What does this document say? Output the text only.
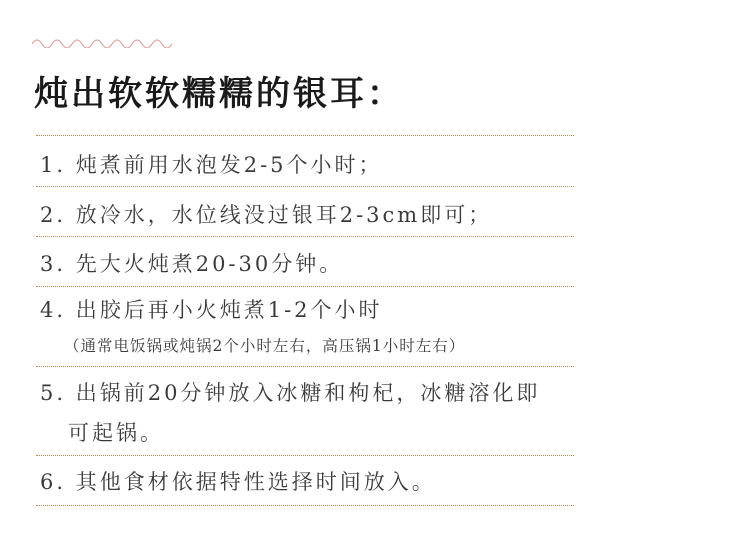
炖出软软糯糯的银耳：
1. 炖煮前用水泡发2-5个小时；
2. 放冷水，水位线没过银耳2-3cm即可；
3. 先大火炖煮20-30分钟。
4. 出胶后再小火炖煮1-2个小时
（通常电饭锅或炖锅2个小时左右，高压锅1小时左右）
5. 出锅前20分钟放入冰糖和枸杞，冰糖溶化即
可起锅。
6. 其他食材依据特性选择时间放入。
